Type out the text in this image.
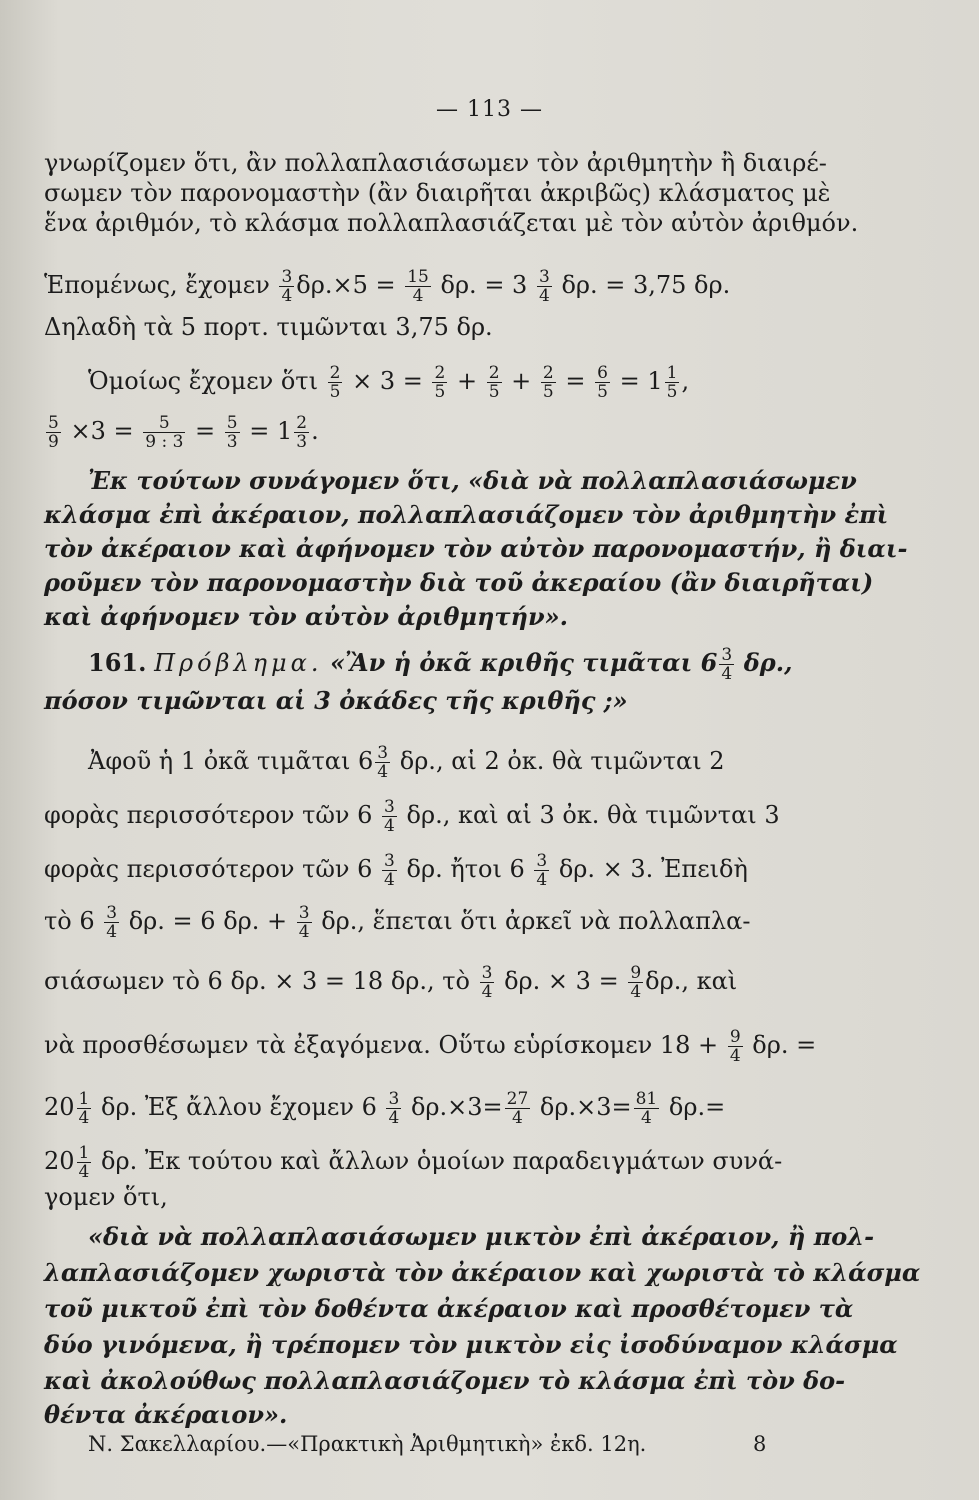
— 113 —
γνωρίζομεν ὅτι, ἂν πολλαπλασιάσωμεν τὸν ἀριθμητὴν ἢ διαιρέ-
σωμεν τὸν παρονομαστὴν (ἂν διαιρῆται ἀκριβῶς) κλάσματος μὲ
ἕνα ἀριθμόν, τὸ κλάσμα πολλαπλασιάζεται μὲ τὸν αὐτὸν ἀριθμόν.
Ἑπομένως, ἔχομεν $\frac{3}{4} \delta\rho.\times 5 = \frac{15}{4} \delta\rho$. = $3 \frac{3}{4} \delta\rho$. = 3,75 δρ.
Δηλαδὴ τὰ 5 πορτ. τιμῶνται 3,75 δρ.
Ὁμοίως ἔχομεν ὅτι $\frac{2}{5} \times 3 = \frac{2}{5} + \frac{2}{5} + \frac{2}{5} = \frac{6}{5} = 1 \frac{1}{5}$ ,
$\frac{5}{9} \times 3 = \frac{5}{9 : 3} = \frac{5}{3} = 1 \frac{2}{3}$ .
Ἐκ τούτων συνάγομεν ὅτι, «διὰ νὰ πολλαπλασιάσωμεν
κλάσμα ἐπὶ ἀκέραιον, πολλαπλασιάζομεν τὸν ἀριθμητὴν ἐπὶ
τὸν ἀκέραιον καὶ ἀφήνομεν τὸν αὐτὸν παρονομαστήν, ἢ διαι-
ροῦμεν τὸν παρονομαστὴν διὰ τοῦ ἀκεραίου (ἂν διαιρῆται)
καὶ ἀφήνομεν τὸν αὐτὸν ἀριθμητήν».
161. Πρόβλημα. «Ἂν ἡ ὀκᾶ κριθῆς τιμᾶται $6 \frac{3}{4} \delta\rho$.,
πόσον τιμῶνται αἱ 3 ὀκάδες τῆς κριθῆς ;»
Ἀφοῦ ἡ 1 ὀκᾶ τιμᾶται $6 \frac{3}{4} \delta\rho$., αἱ 2 ὀκ. θὰ τιμῶνται 2
φορὰς περισσότερον τῶν $6 \frac{3}{4} \delta\rho$., καὶ αἱ 3 ὀκ. θὰ τιμῶνται 3
φορὰς περισσότερον τῶν $6 \frac{3}{4} \delta\rho$. ἤτοι $6 \frac{3}{4} \delta\rho$. × 3. Ἐπειδὴ
τὸ $6 \frac{3}{4} \delta\rho$. = 6 δρ. + $\frac{3}{4} \delta\rho$., ἕπεται ὅτι ἀρκεῖ νὰ πολλαπλα-
σιάσωμεν τὸ 6 δρ. × 3 = 18 δρ., τὸ $\frac{3}{4} \delta\rho$. × $3 = \frac{9}{4} \delta\rho$., καὶ
νὰ προσθέσωμεν τὰ ἐξαγόμενα. Οὕτω εὑρίσκομεν $18 + \frac{9}{4} \delta\rho$. =
$20 \frac{1}{4} \delta\rho$. Ἐξ ἄλλου ἔχομεν $6 \frac{3}{4} \delta\rho.\times 3= \frac{27}{4} \delta\rho.\times 3= \frac{81}{4} \delta\rho.=$
$20 \frac{1}{4} \delta\rho$. Ἐκ τούτου καὶ ἄλλων ὁμοίων παραδειγμάτων συνά-
γομεν ὅτι,
«διὰ νὰ πολλαπλασιάσωμεν μικτὸν ἐπὶ ἀκέραιον, ἢ πολ-
λαπλασιάζομεν χωριστὰ τὸν ἀκέραιον καὶ χωριστὰ τὸ κλάσμα
τοῦ μικτοῦ ἐπὶ τὸν δοθέντα ἀκέραιον καὶ προσθέτομεν τὰ
δύο γινόμενα, ἢ τρέπομεν τὸν μικτὸν εἰς ἰσοδύναμον κλάσμα
καὶ ἀκολούθως πολλαπλασιάζομεν τὸ κλάσμα ἐπὶ τὸν δο-
θέντα ἀκέραιον».
Ν. Σακελλαρίου.—«Πρακτικὴ Ἀριθμητικὴ» ἐκδ. 12η.	8
